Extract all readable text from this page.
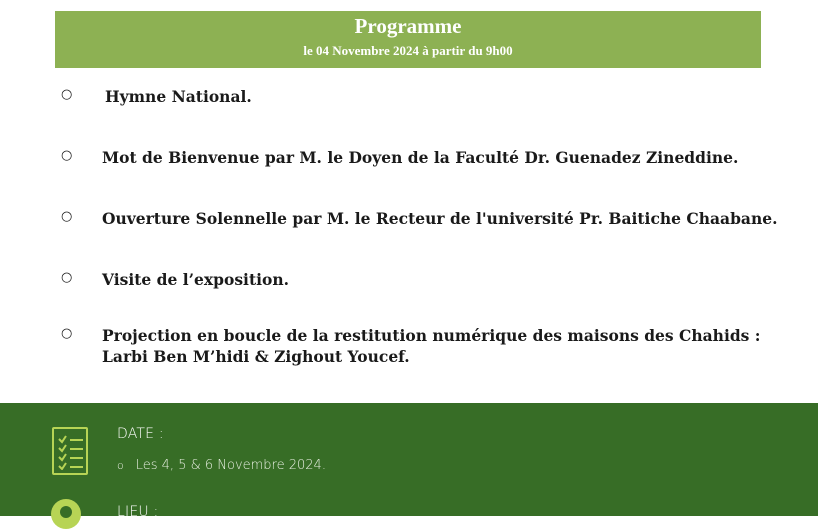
Programme
le 04 Novembre 2024 à partir du 9h00
○ Hymne National.
○ Mot de Bienvenue par M. le Doyen de la Faculté Dr. Guenadez Zineddine.
○ Ouverture Solennelle par M. le Recteur de l'université Pr. Baitiche Chaabane.
○ Visite de l’exposition.
○ Projection en boucle de la restitution numérique des maisons des Chahids :
Larbi Ben M’hidi & Zighout Youcef.
DATE :
o Les 4, 5 & 6 Novembre 2024.
LIEU :
